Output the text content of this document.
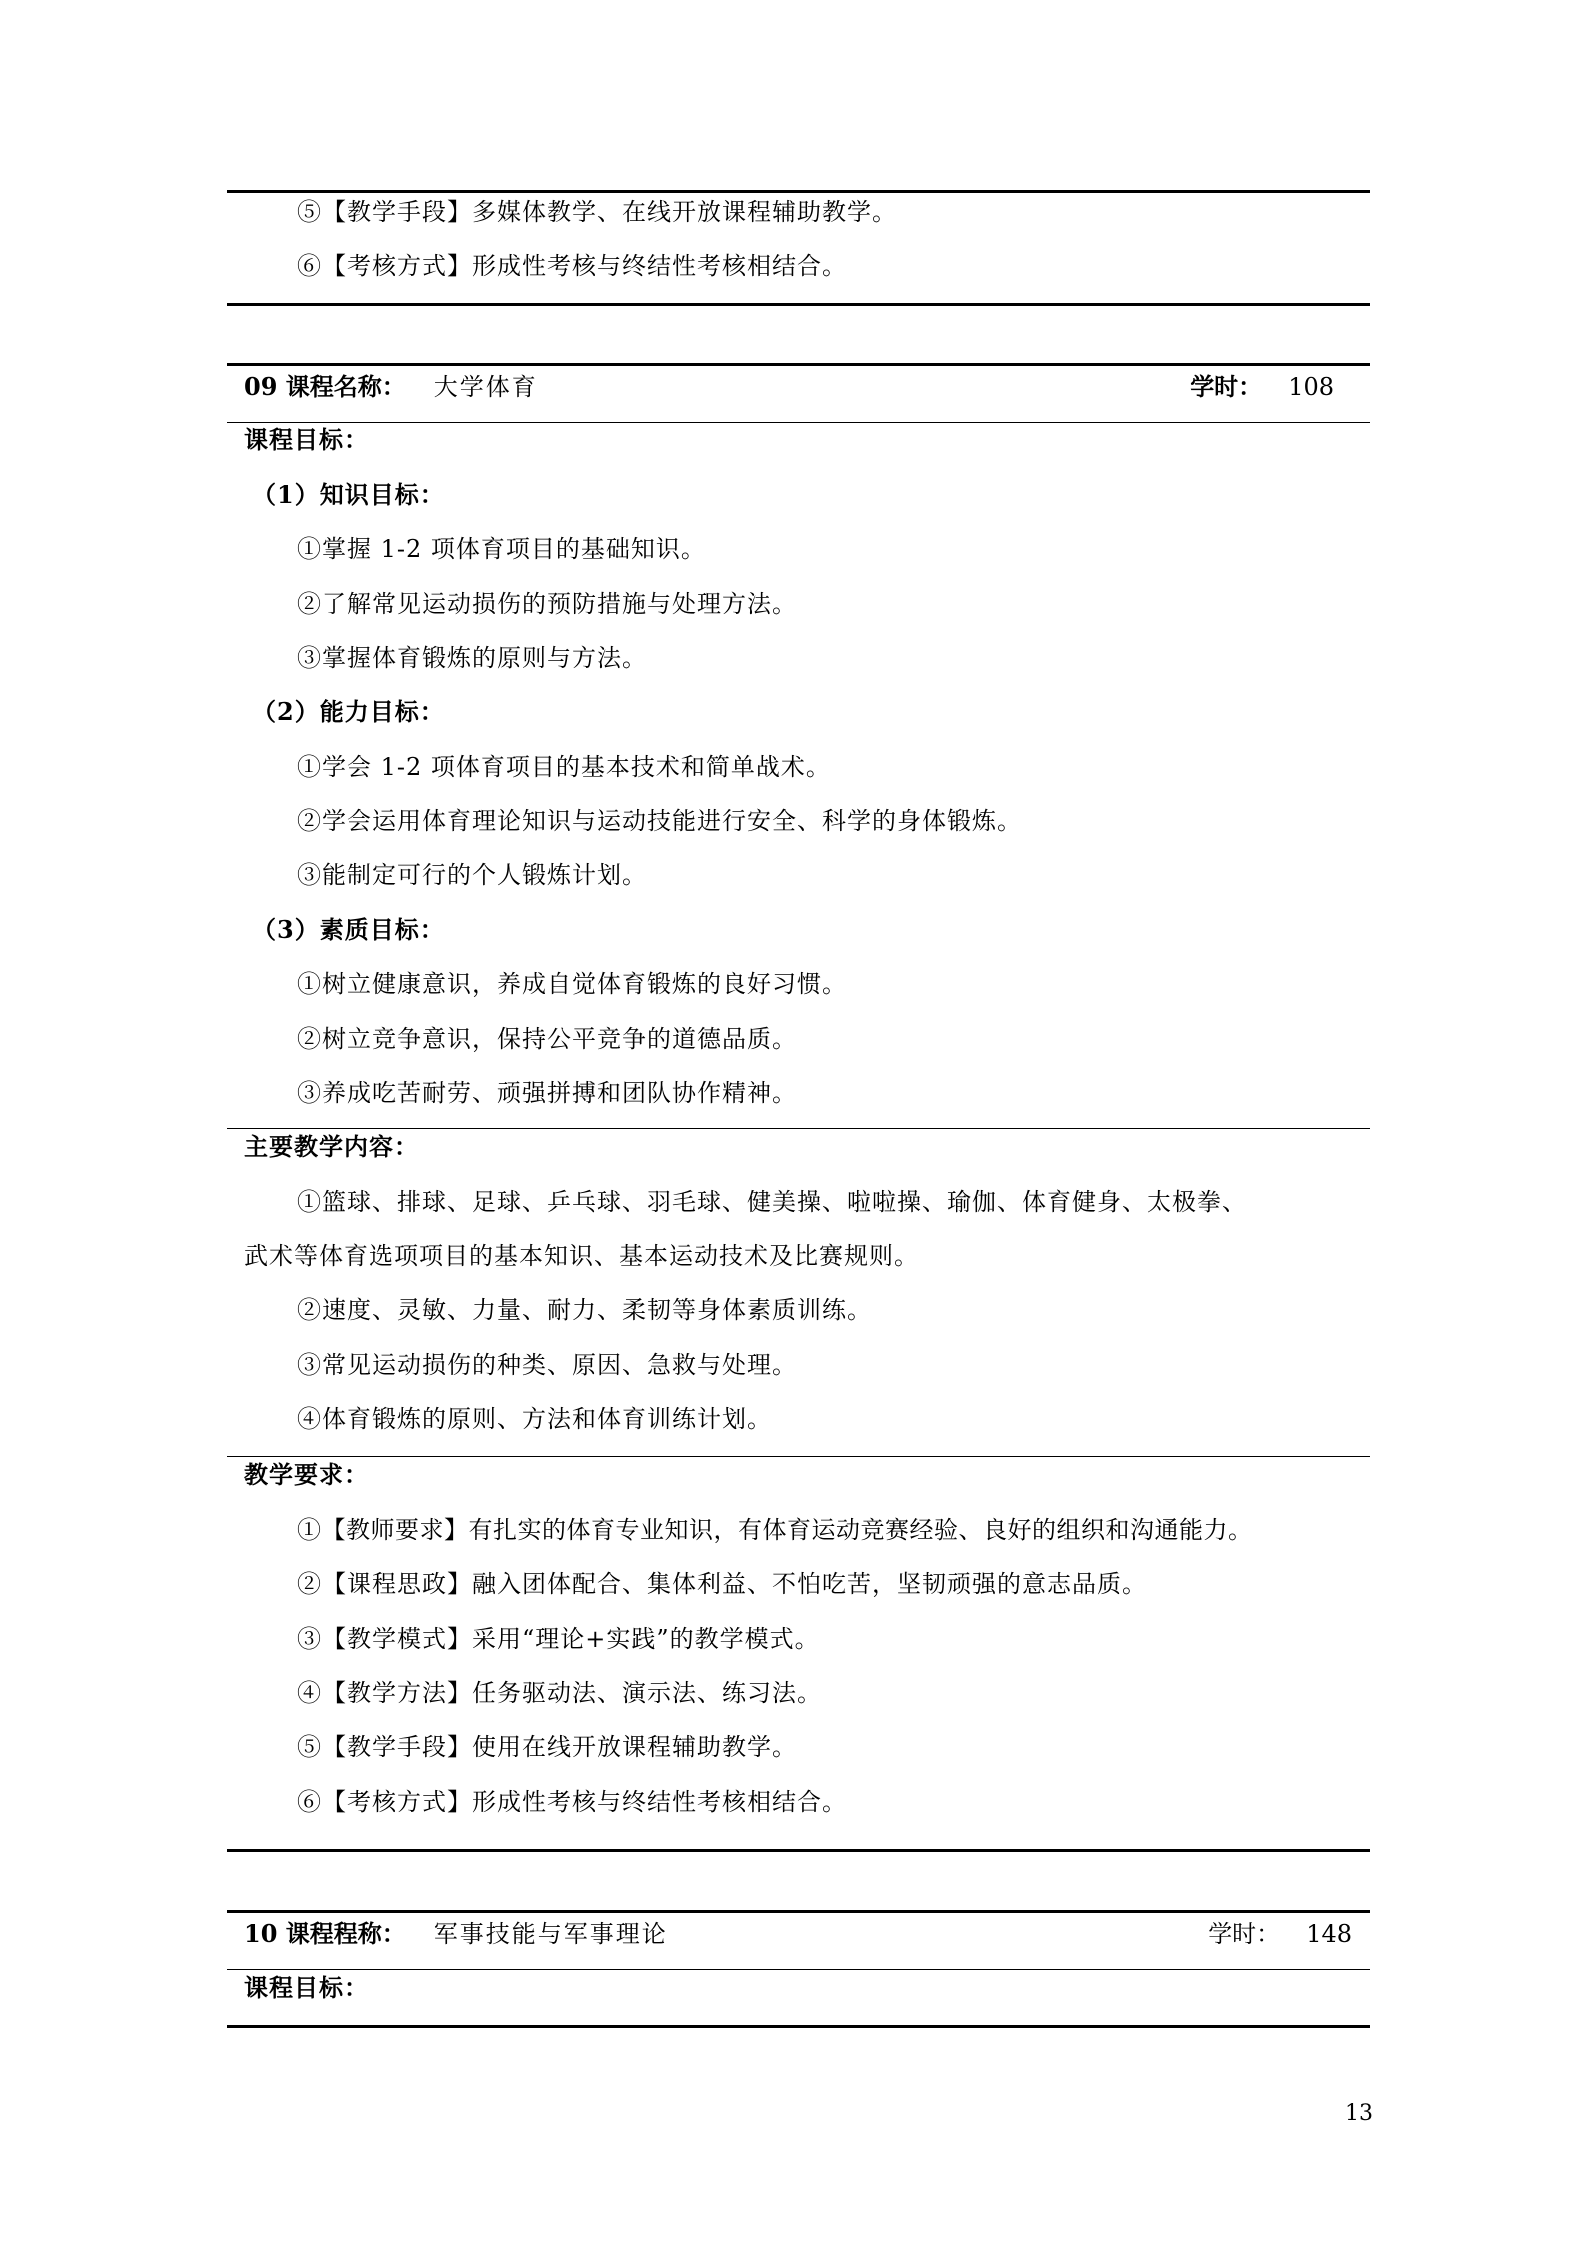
⑤【教学手段】多媒体教学、在线开放课程辅助教学。
⑥【考核方式】形成性考核与终结性考核相结合。
09 课程名称： 大学体育	学时： 108
课程目标：
（1）知识目标：
①掌握 1-2 项体育项目的基础知识。
②了解常见运动损伤的预防措施与处理方法。
③掌握体育锻炼的原则与方法。
（2）能力目标：
①学会 1-2 项体育项目的基本技术和简单战术。
②学会运用体育理论知识与运动技能进行安全、科学的身体锻炼。
③能制定可行的个人锻炼计划。
（3）素质目标：
①树立健康意识，养成自觉体育锻炼的良好习惯。
②树立竞争意识，保持公平竞争的道德品质。
③养成吃苦耐劳、顽强拼搏和团队协作精神。
主要教学内容：
①篮球、排球、足球、乒乓球、羽毛球、健美操、啦啦操、瑜伽、体育健身、太极拳、
武术等体育选项项目的基本知识、基本运动技术及比赛规则。
②速度、灵敏、力量、耐力、柔韧等身体素质训练。
③常见运动损伤的种类、原因、急救与处理。
④体育锻炼的原则、方法和体育训练计划。
教学要求：
①【教师要求】有扎实的体育专业知识，有体育运动竞赛经验、良好的组织和沟通能力。
②【课程思政】融入团体配合、集体利益、不怕吃苦，坚韧顽强的意志品质。
③【教学模式】采用“理论+实践”的教学模式。
④【教学方法】任务驱动法、演示法、练习法。
⑤【教学手段】使用在线开放课程辅助教学。
⑥【考核方式】形成性考核与终结性考核相结合。
10 课程程称： 军事技能与军事理论	学时： 148
课程目标：
13
